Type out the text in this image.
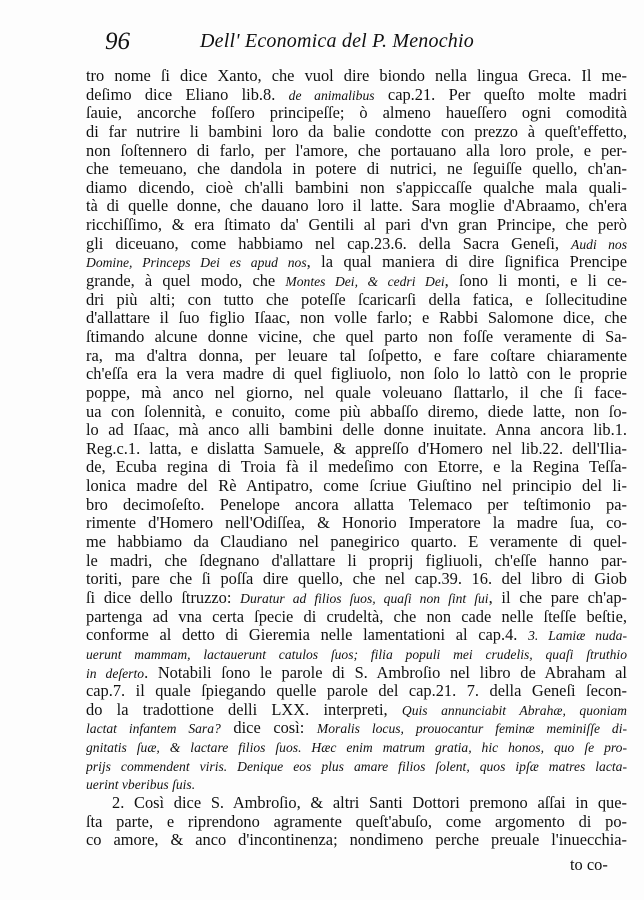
96	Dell' Economica del P. Menochio
tro nome ſi dice Xanto, che vuol dire biondo nella lingua Greca. Il me-
deſimo dice Eliano lib.8. de animalibus cap.21. Per queſto molte madri
ſauie, ancorche foſſero principeſſe; ò almeno haueſſero ogni comodità
di far nutrire li bambini loro da balie condotte con prezzo à queſt'effetto,
non ſoſtennero di farlo, per l'amore, che portauano alla loro prole, e per-
che temeuano, che dandola in potere di nutrici, ne ſeguiſſe quello, ch'an-
diamo dicendo, cioè ch'alli bambini non s'appiccaſſe qualche mala quali-
tà di quelle donne, che dauano loro il latte. Sara moglie d'Abraamo, ch'era
ricchiſſimo, & era ſtimato da' Gentili al pari d'vn gran Principe, che però
gli diceuano, come habbiamo nel cap.23.6. della Sacra Geneſi, Audi nos
Domine, Princeps Dei es apud nos, la qual maniera di dire ſignifica Prencipe
grande, à quel modo, che Montes Dei, & cedri Dei, ſono li monti, e li ce-
dri più alti; con tutto che poteſſe ſcaricarſi della fatica, e ſollecitudine
d'allattare il ſuo figlio Iſaac, non volle farlo; e Rabbi Salomone dice, che
ſtimando alcune donne vicine, che quel parto non foſſe veramente di Sa-
ra, ma d'altra donna, per leuare tal ſoſpetto, e fare coſtare chiaramente
ch'eſſa era la vera madre di quel figliuolo, non ſolo lo lattò con le proprie
poppe, mà anco nel giorno, nel quale voleuano ſlattarlo, il che ſi face-
ua con ſolennità, e conuito, come più abbaſſo diremo, diede latte, non ſo-
lo ad Iſaac, mà anco alli bambini delle donne inuitate. Anna ancora lib.1.
Reg.c.1. latta, e dislatta Samuele, & appreſſo d'Homero nel lib.22. dell'Ilia-
de, Ecuba regina di Troia fà il medeſimo con Etorre, e la Regina Teſſa-
lonica madre del Rè Antipatro, come ſcriue Giuſtino nel principio del li-
bro decimoſeſto. Penelope ancora allatta Telemaco per teſtimonio pa-
rimente d'Homero nell'Odiſſea, & Honorio Imperatore la madre ſua, co-
me habbiamo da Claudiano nel panegirico quarto. E veramente di quel-
le madri, che ſdegnano d'allattare li proprij figliuoli, ch'eſſe hanno par-
toriti, pare che ſi poſſa dire quello, che nel cap.39. 16. del libro di Giob
ſi dice dello ſtruzzo: Duratur ad filios ſuos, quaſi non ſint ſui, il che pare ch'ap-
partenga ad vna certa ſpecie di crudeltà, che non cade nelle ſteſſe beſtie,
conforme al detto di Gieremia nelle lamentationi al cap.4. 3. Lamiæ nuda-
uerunt mammam, lactauerunt catulos ſuos; filia populi mei crudelis, quaſi ſtruthio
in deſerto. Notabili ſono le parole di S. Ambroſio nel libro de Abraham al
cap.7. il quale ſpiegando quelle parole del cap.21. 7. della Geneſi ſecon-
do la tradottione delli LXX. interpreti, Quis annunciabit Abrahæ, quoniam
lactat infantem Sara? dice così: Moralis locus, prouocantur feminæ meminiſſe di-
gnitatis ſuæ, & lactare filios ſuos. Hæc enim matrum gratia, hic honos, quo ſe pro-
prijs commendent viris. Denique eos plus amare filios ſolent, quos ipſæ matres lacta-
uerint vberibus ſuis.
2. Così dice S. Ambroſio, & altri Santi Dottori premono aſſai in que-
ſta parte, e riprendono agramente queſt'abuſo, come argomento di po-
co amore, & anco d'incontinenza; nondimeno perche preuale l'inuecchia-
to co-
